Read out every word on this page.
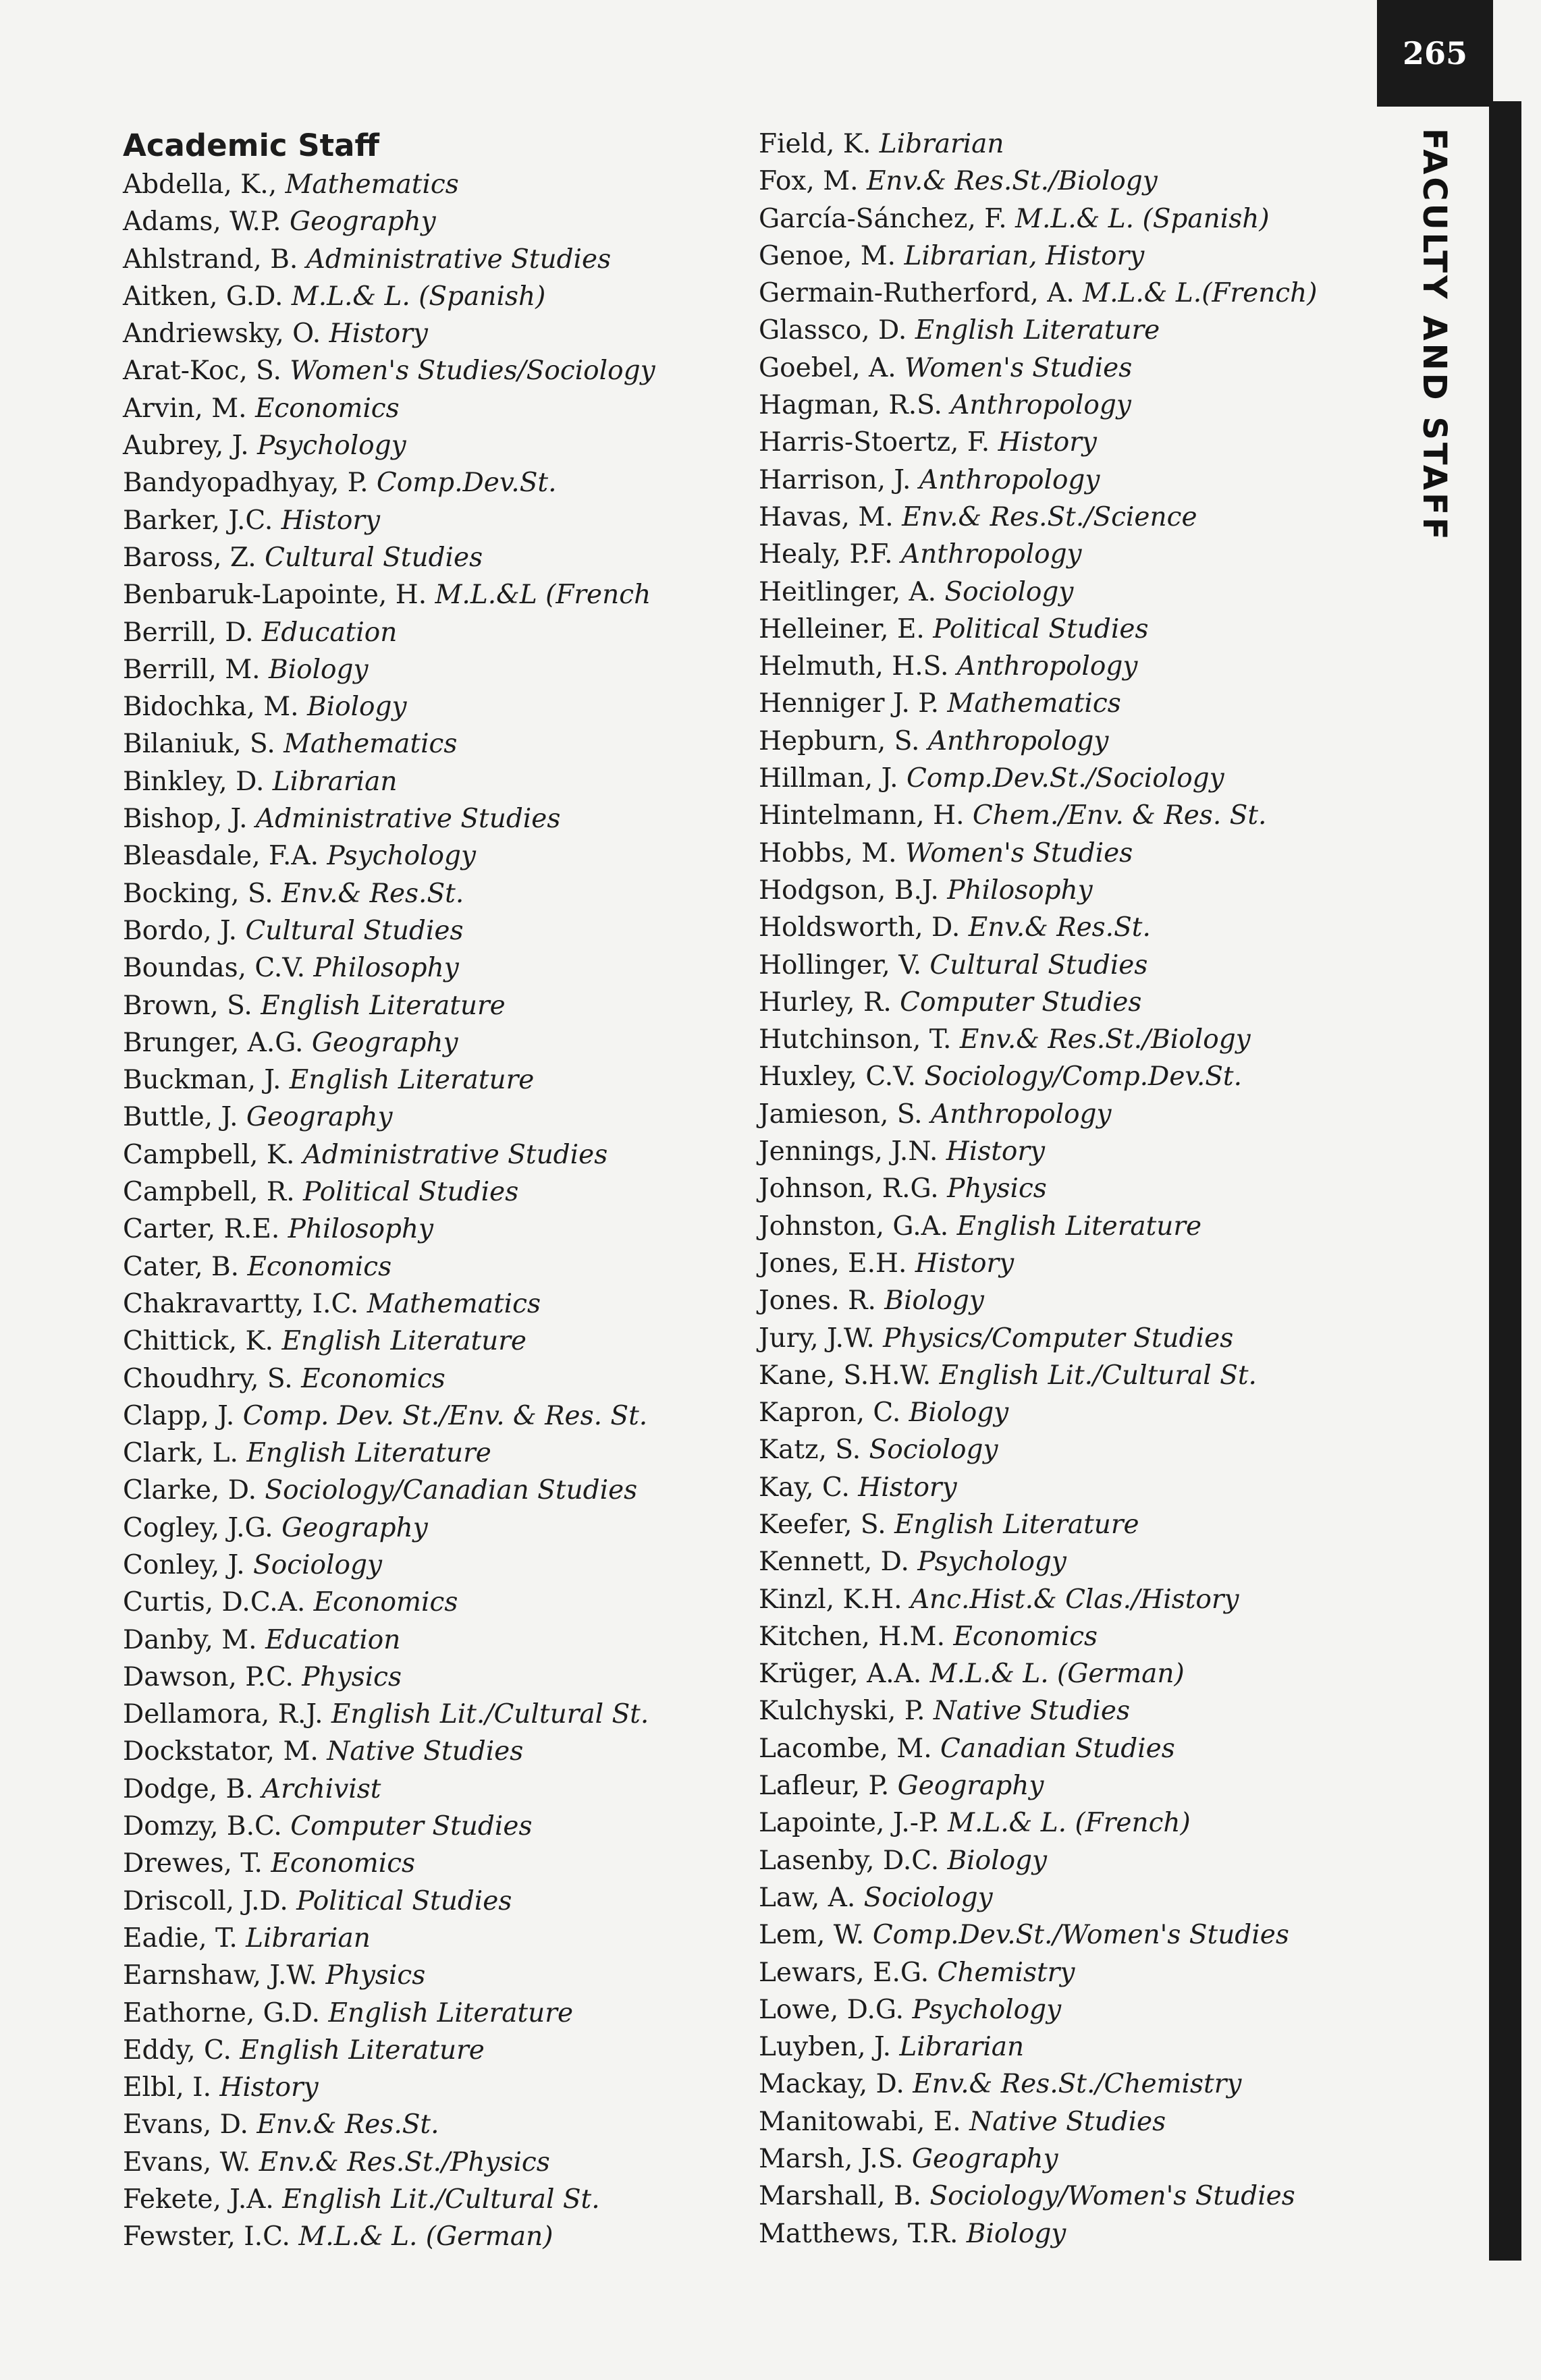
265
FACULTY AND STAFF
Academic Staff
Abdella, K., Mathematics
Adams, W.P. Geography
Ahlstrand, B. Administrative Studies
Aitken, G.D. M.L.& L. (Spanish)
Andriewsky, O. History
Arat-Koc, S. Women's Studies/Sociology
Arvin, M. Economics
Aubrey, J. Psychology
Bandyopadhyay, P. Comp.Dev.St.
Barker, J.C. History
Baross, Z. Cultural Studies
Benbaruk-Lapointe, H. M.L.&L (French
Berrill, D. Education
Berrill, M. Biology
Bidochka, M. Biology
Bilaniuk, S. Mathematics
Binkley, D. Librarian
Bishop, J. Administrative Studies
Bleasdale, F.A. Psychology
Bocking, S. Env.& Res.St.
Bordo, J. Cultural Studies
Boundas, C.V. Philosophy
Brown, S. English Literature
Brunger, A.G. Geography
Buckman, J. English Literature
Buttle, J. Geography
Campbell, K. Administrative Studies
Campbell, R. Political Studies
Carter, R.E. Philosophy
Cater, B. Economics
Chakravartty, I.C. Mathematics
Chittick, K. English Literature
Choudhry, S. Economics
Clapp, J. Comp. Dev. St./Env. & Res. St.
Clark, L. English Literature
Clarke, D. Sociology/Canadian Studies
Cogley, J.G. Geography
Conley, J. Sociology
Curtis, D.C.A. Economics
Danby, M. Education
Dawson, P.C. Physics
Dellamora, R.J. English Lit./Cultural St.
Dockstator, M. Native Studies
Dodge, B. Archivist
Domzy, B.C. Computer Studies
Drewes, T. Economics
Driscoll, J.D. Political Studies
Eadie, T. Librarian
Earnshaw, J.W. Physics
Eathorne, G.D. English Literature
Eddy, C. English Literature
Elbl, I. History
Evans, D. Env.& Res.St.
Evans, W. Env.& Res.St./Physics
Fekete, J.A. English Lit./Cultural St.
Fewster, I.C. M.L.& L. (German)
Field, K. Librarian
Fox, M. Env.& Res.St./Biology
García-Sánchez, F. M.L.& L. (Spanish)
Genoe, M. Librarian, History
Germain-Rutherford, A. M.L.& L.(French)
Glassco, D. English Literature
Goebel, A. Women's Studies
Hagman, R.S. Anthropology
Harris-Stoertz, F. History
Harrison, J. Anthropology
Havas, M. Env.& Res.St./Science
Healy, P.F. Anthropology
Heitlinger, A. Sociology
Helleiner, E. Political Studies
Helmuth, H.S. Anthropology
Henniger J. P. Mathematics
Hepburn, S. Anthropology
Hillman, J. Comp.Dev.St./Sociology
Hintelmann, H. Chem./Env. & Res. St.
Hobbs, M. Women's Studies
Hodgson, B.J. Philosophy
Holdsworth, D. Env.& Res.St.
Hollinger, V. Cultural Studies
Hurley, R. Computer Studies
Hutchinson, T. Env.& Res.St./Biology
Huxley, C.V. Sociology/Comp.Dev.St.
Jamieson, S. Anthropology
Jennings, J.N. History
Johnson, R.G. Physics
Johnston, G.A. English Literature
Jones, E.H. History
Jones. R. Biology
Jury, J.W. Physics/Computer Studies
Kane, S.H.W. English Lit./Cultural St.
Kapron, C. Biology
Katz, S. Sociology
Kay, C. History
Keefer, S. English Literature
Kennett, D. Psychology
Kinzl, K.H. Anc.Hist.& Clas./History
Kitchen, H.M. Economics
Krüger, A.A. M.L.& L. (German)
Kulchyski, P. Native Studies
Lacombe, M. Canadian Studies
Lafleur, P. Geography
Lapointe, J.-P. M.L.& L. (French)
Lasenby, D.C. Biology
Law, A. Sociology
Lem, W. Comp.Dev.St./Women's Studies
Lewars, E.G. Chemistry
Lowe, D.G. Psychology
Luyben, J. Librarian
Mackay, D. Env.& Res.St./Chemistry
Manitowabi, E. Native Studies
Marsh, J.S. Geography
Marshall, B. Sociology/Women's Studies
Matthews, T.R. Biology
